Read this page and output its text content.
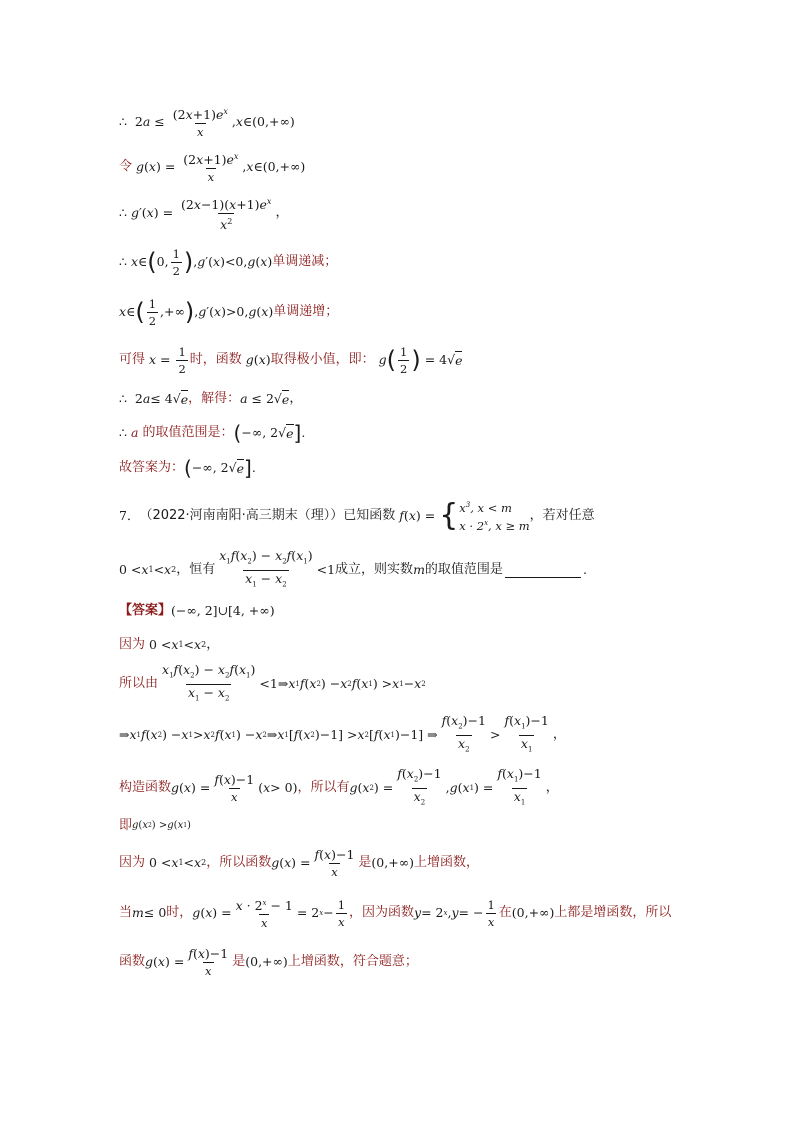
∴  2 $a \le \frac{(2x+1)e^x}{x}$ , x ∈(0,+∞)
令
g ( x ) = $\frac{(2x+1)e^x}{x}$ , x ∈(0,+∞)
∴ g ′( x ) = $\frac{(2x-1)(x+1)e^x}{x^2}$ ，
∴ x ∈ ( 0, $\frac{1}{2}$ ) , g ′( x )<0, g ( x ) 单调递减；
x ∈ ( $\frac{1}{2}$ ,+∞ ) , g ′( x )>0, g ( x ) 单调递增；
可得 $x = \frac{1}{2}$ 时，函数 g ( x ) 取得极小值，即： g ( $\frac{1}{2}$ ) = 4√ e
∴  2 a ≤ 4√ e ，解得： a ≤ 2√ e ，
∴ a 的取值范围是： ( −∞, 2√ e ] .
故答案为： ( −∞, 2√ e ] .
7． （2022·河南南阳·高三期末（理））已知函数 f ( x ) = { $x^3$, x < m
$x \cdot 2^x$, x ≥ m
，若对任意
0 < x 1 < x 2 ，恒有 $\frac{x_1f(x_2) - x_2f(x_1)}{x_1 - x_2} <1$ 成立，则实数 m 的取值范围是	.
【答案】 (−∞, 2]∪[4, +∞)
因为 0 < x 1 < x 2 ，
所以由 $\frac{x_1f(x_2) - x_2f(x_1)}{x_1 - x_2}$ <1⇒ x 1 f ( x 2 ) − x 2 f ( x 1 ) > x 1 − x 2
⇒ x 1 f ( x 2 ) − x 1 > x 2 f ( x 1 ) − x 2 ⇒ x 1 [ f ( x 2 )−1] > x 2 [ f ( x 1 )−1] ⇒ $\frac{f(x_2)-1}{x_2} > \frac{f(x_1)-1}{x_1}$ ，
构造函数 g ( x ) = $\frac{f(x)-1}{x}$ ( x > 0) ，所以有 g ( x 2 ) = $\frac{f(x_2)-1}{x_2}$ , g ( x 1 ) = $\frac{f(x_1)-1}{x_1}$ ，
即 g ( x 2 ) > g ( x 1 )
因为 0 < x 1 < x 2 ，所以函数 g ( x ) = $\frac{f(x)-1}{x}$ 是 (0,+∞) 上增函数，
当 m ≤ 0 时， g ( x ) = $\frac{x \cdot 2^x - 1}{x} = 2$ $x - \frac{1}{x}$ ，因为函数 y = 2 x , y = − $\frac{1}{x}$ 在 (0,+∞) 上都是增函数，所以
函数 g ( x ) = $\frac{f(x)-1}{x}$ 是 (0,+∞) 上增函数，符合题意；
